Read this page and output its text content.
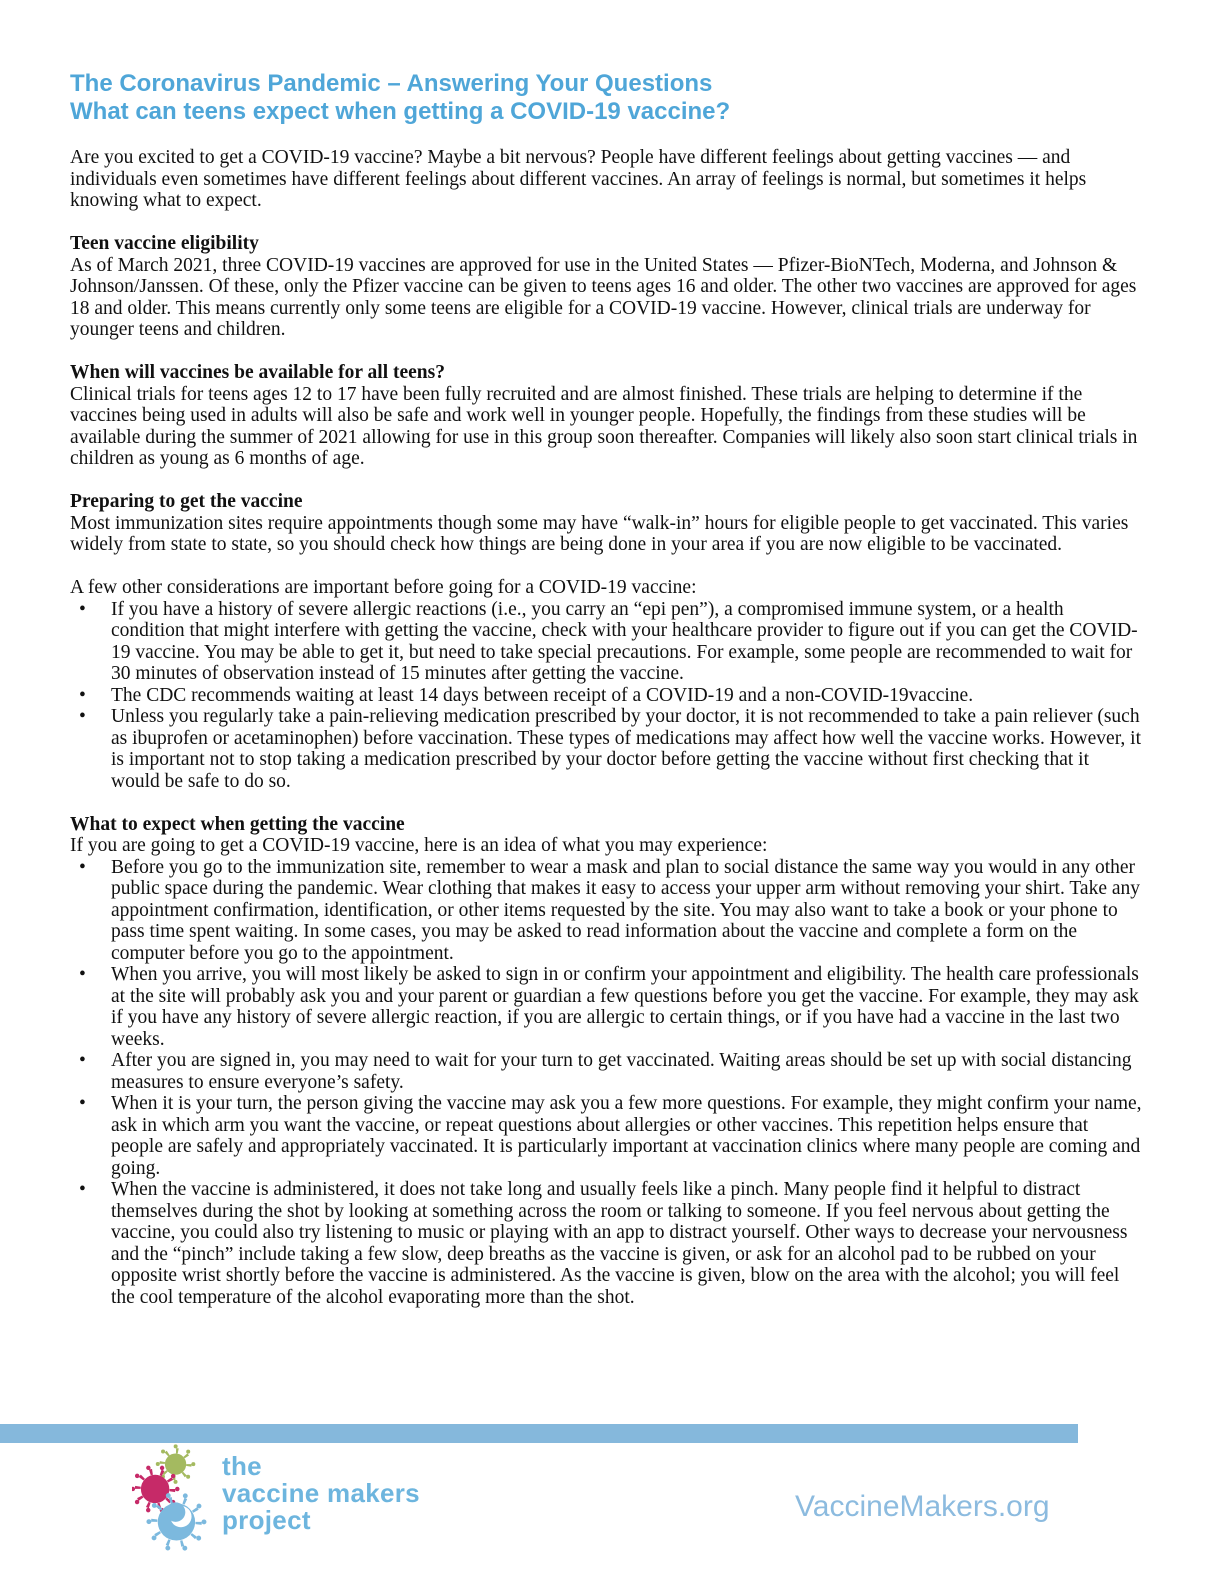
The Coronavirus Pandemic – Answering Your Questions
What can teens expect when getting a COVID-19 vaccine?

Are you excited to get a COVID-19 vaccine? Maybe a bit nervous? People have different feelings about getting vaccines — and individuals even sometimes have different feelings about different vaccines. An array of feelings is normal, but sometimes it helps knowing what to expect.

Teen vaccine eligibility

As of March 2021, three COVID-19 vaccines are approved for use in the United States — Pfizer-BioNTech, Moderna, and Johnson & Johnson/Janssen. Of these, only the Pfizer vaccine can be given to teens ages 16 and older. The other two vaccines are approved for ages 18 and older. This means currently only some teens are eligible for a COVID-19 vaccine. However, clinical trials are underway for younger teens and children.

When will vaccines be available for all teens?

Clinical trials for teens ages 12 to 17 have been fully recruited and are almost finished. These trials are helping to determine if the vaccines being used in adults will also be safe and work well in younger people. Hopefully, the findings from these studies will be available during the summer of 2021 allowing for use in this group soon thereafter. Companies will likely also soon start clinical trials in children as young as 6 months of age.

Preparing to get the vaccine

Most immunization sites require appointments though some may have “walk-in” hours for eligible people to get vaccinated. This varies widely from state to state, so you should check how things are being done in your area if you are now eligible to be vaccinated.

A few other considerations are important before going for a COVID-19 vaccine:

• If you have a history of severe allergic reactions (i.e., you carry an “epi pen”), a compromised immune system, or a health condition that might interfere with getting the vaccine, check with your healthcare provider to figure out if you can get the COVID-19 vaccine. You may be able to get it, but need to take special precautions. For example, some people are recommended to wait for 30 minutes of observation instead of 15 minutes after getting the vaccine.
• The CDC recommends waiting at least 14 days between receipt of a COVID-19 and a non-COVID-19vaccine.
• Unless you regularly take a pain-relieving medication prescribed by your doctor, it is not recommended to take a pain reliever (such as ibuprofen or acetaminophen) before vaccination. These types of medications may affect how well the vaccine works. However, it is important not to stop taking a medication prescribed by your doctor before getting the vaccine without first checking that it would be safe to do so.
What to expect when getting the vaccine

If you are going to get a COVID-19 vaccine, here is an idea of what you may experience:

• Before you go to the immunization site, remember to wear a mask and plan to social distance the same way you would in any other public space during the pandemic. Wear clothing that makes it easy to access your upper arm without removing your shirt. Take any appointment confirmation, identification, or other items requested by the site. You may also want to take a book or your phone to pass time spent waiting. In some cases, you may be asked to read information about the vaccine and complete a form on the computer before you go to the appointment.
• When you arrive, you will most likely be asked to sign in or confirm your appointment and eligibility. The health care professionals at the site will probably ask you and your parent or guardian a few questions before you get the vaccine. For example, they may ask if you have any history of severe allergic reaction, if you are allergic to certain things, or if you have had a vaccine in the last two weeks.
• After you are signed in, you may need to wait for your turn to get vaccinated. Waiting areas should be set up with social distancing measures to ensure everyone’s safety.
• When it is your turn, the person giving the vaccine may ask you a few more questions. For example, they might confirm your name, ask in which arm you want the vaccine, or repeat questions about allergies or other vaccines. This repetition helps ensure that people are safely and appropriately vaccinated. It is particularly important at vaccination clinics where many people are coming and going.
• When the vaccine is administered, it does not take long and usually feels like a pinch. Many people find it helpful to distract themselves during the shot by looking at something across the room or talking to someone. If you feel nervous about getting the vaccine, you could also try listening to music or playing with an app to distract yourself. Other ways to decrease your nervousness and the “pinch” include taking a few slow, deep breaths as the vaccine is given, or ask for an alcohol pad to be rubbed on your opposite wrist shortly before the vaccine is administered. As the vaccine is given, blow on the area with the alcohol; you will feel the cool temperature of the alcohol evaporating more than the shot.
the
vaccine makers
project	VaccineMakers.org
